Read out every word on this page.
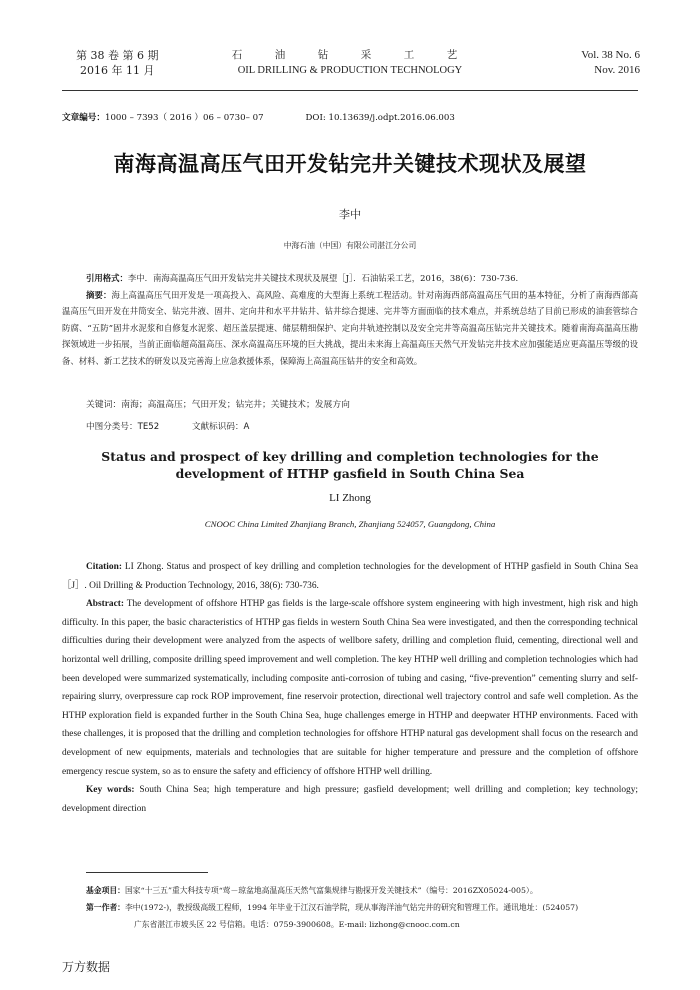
第 38 卷 第 6 期
2016 年 11 月
石　油　钻　采　工　艺
OIL DRILLING & PRODUCTION TECHNOLOGY
Vol. 38 No. 6
Nov. 2016
文章编号：1000 – 7393（ 2016 ）06 – 0730– 07	DOI: 10.13639/j.odpt.2016.06.003
南海高温高压气田开发钻完井关键技术现状及展望
李中
中海石油（中国）有限公司湛江分公司

引用格式：李中．南海高温高压气田开发钻完井关键技术现状及展望［J］．石油钻采工艺，2016，38(6)：730-736.

摘要：海上高温高压气田开发是一项高投入、高风险、高难度的大型海上系统工程活动。针对南海西部高温高压气田的基本特征，分析了南海西部高温高压气田开发在井筒安全、钻完井液、固井、定向井和水平井钻井、钻井综合提速、完井等方面面临的技术难点，并系统总结了目前已形成的油套管综合防腐、“五防”固井水泥浆和自修复水泥浆、超压盖层提速、储层精细保护、定向井轨迹控制以及安全完井等高温高压钻完井关键技术。随着南海高温高压勘探领域进一步拓展，当前正面临超高温高压、深水高温高压环境的巨大挑战，提出未来海上高温高压天然气开发钻完井技术应加强能适应更高温压等级的设备、材料、新工艺技术的研发以及完善海上应急救援体系，保障海上高温高压钻井的安全和高效。

关键词：南海；高温高压；气田开发；钻完井；关键技术；发展方向
中图分类号：TE52	文献标识码：A
Status and prospect of key drilling and completion technologies for the development of HTHP gasfield in South China Sea
LI Zhong
CNOOC China Limited Zhanjiang Branch, Zhanjiang 524057, Guangdong, China

Citation: LI Zhong. Status and prospect of key drilling and completion technologies for the development of HTHP gasfield in South China Sea［J］. Oil Drilling & Production Technology, 2016, 38(6): 730-736.

Abstract: The development of offshore HTHP gas fields is the large-scale offshore system engineering with high investment, high risk and high difficulty. In this paper, the basic characteristics of HTHP gas fields in western South China Sea were investigated, and then the corresponding technical difficulties during their development were analyzed from the aspects of wellbore safety, drilling and completion fluid, cementing, directional well and horizontal well drilling, composite drilling speed improvement and well completion. The key HTHP well drilling and completion technologies which had been developed were summarized systematically, including composite anti-corrosion of tubing and casing, “five-prevention” cementing slurry and self-repairing slurry, overpressure cap rock ROP improvement, fine reservoir protection, directional well trajectory control and safe well completion. As the HTHP exploration field is expanded further in the South China Sea, huge challenges emerge in HTHP and deepwater HTHP environments. Faced with these challenges, it is proposed that the drilling and completion technologies for offshore HTHP natural gas development shall focus on the research and development of new equipments, materials and technologies that are suitable for higher temperature and pressure and the completion of offshore emergency rescue system, so as to ensure the safety and efficiency of offshore HTHP well drilling.

Key words: South China Sea; high temperature and high pressure; gasfield development; well drilling and completion; key technology; development direction

基金项目：国家“十三五”重大科技专项“莺－琼盆地高温高压天然气富集规律与勘探开发关键技术”（编号：2016ZX05024-005）。
第一作者：李中(1972-)，教授级高级工程师，1994 年毕业于江汉石油学院，现从事海洋油气钻完井的研究和管理工作。通讯地址：(524057)
广东省湛江市坡头区 22 号信箱。电话：0759-3900608。E-mail: lizhong@cnooc.com.cn
万方数据
